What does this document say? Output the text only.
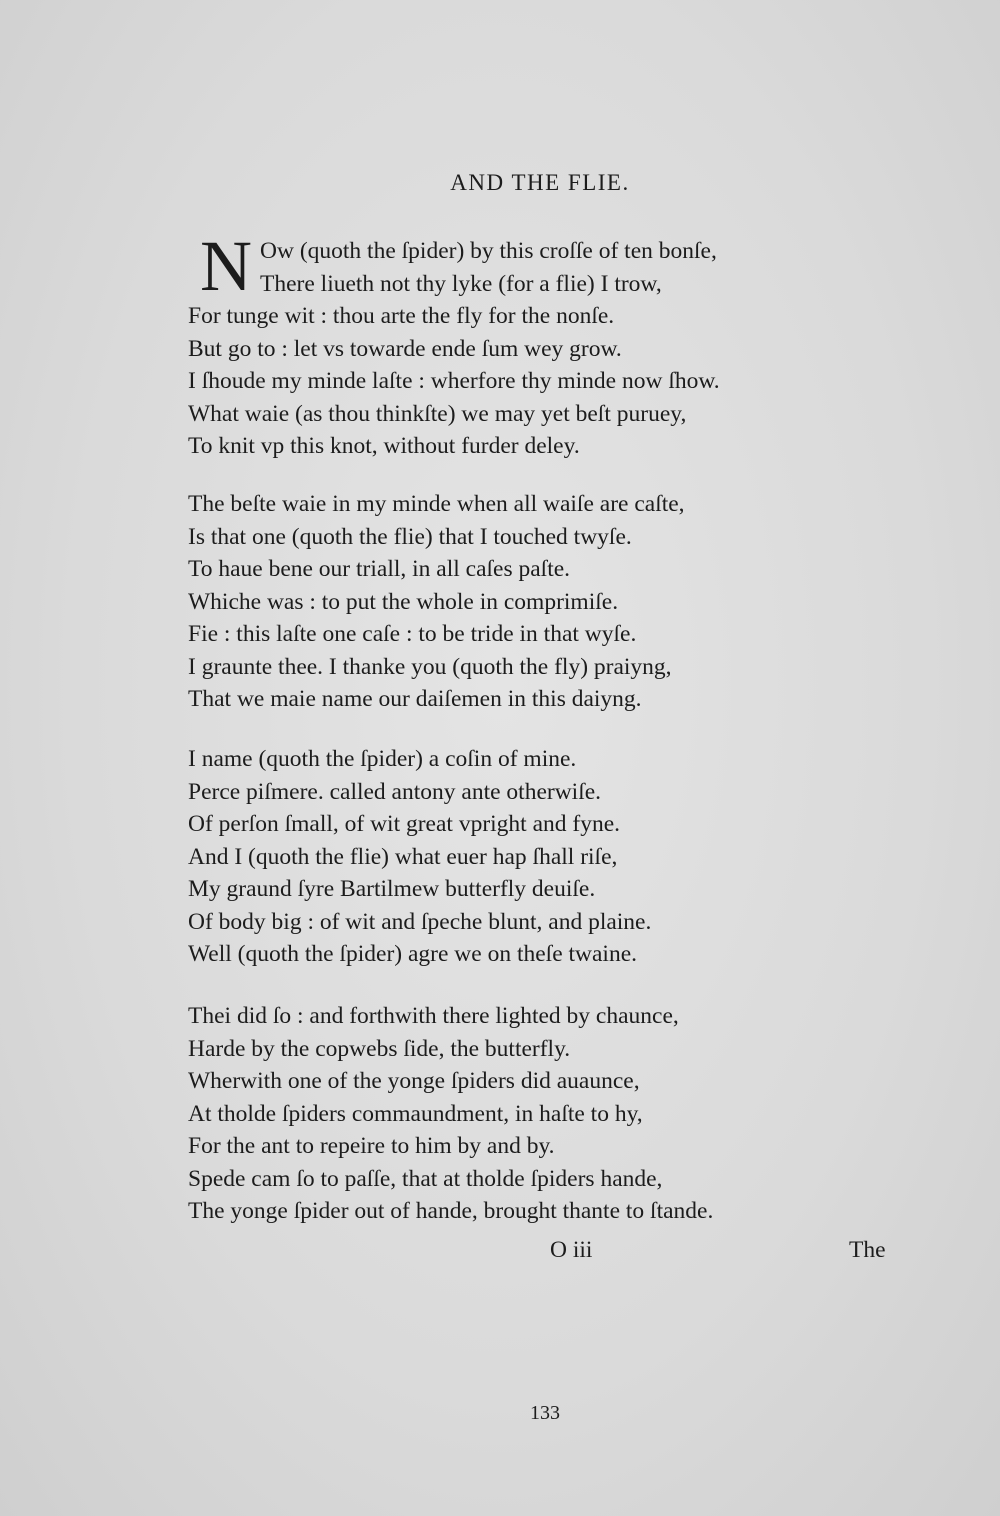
AND THE FLIE.
N Ow (quoth the ſpider) by this croſſe of ten bonſe,
There liueth not thy lyke (for a flie) I trow,
For tunge wit : thou arte the fly for the nonſe.
But go to : let vs towarde ende ſum wey grow.
I ſhoude my minde laſte : wherfore thy minde now ſhow.
What waie (as thou thinkſte) we may yet beſt puruey,
To knit vp this knot, without furder deley.
The beſte waie in my minde when all waiſe are caſte,
Is that one (quoth the flie) that I touched twyſe.
To haue bene our triall, in all caſes paſte.
Whiche was : to put the whole in comprimiſe.
Fie : this laſte one caſe : to be tride in that wyſe.
I graunte thee. I thanke you (quoth the fly) praiyng,
That we maie name our daiſemen in this daiyng.
I name (quoth the ſpider) a coſin of mine.
Perce piſmere. called antony ante otherwiſe.
Of perſon ſmall, of wit great vpright and fyne.
And I (quoth the flie) what euer hap ſhall riſe,
My graund ſyre Bartilmew butterfly deuiſe.
Of body big : of wit and ſpeche blunt, and plaine.
Well (quoth the ſpider) agre we on theſe twaine.
Thei did ſo : and forthwith there lighted by chaunce,
Harde by the copwebs ſide, the butterfly.
Wherwith one of the yonge ſpiders did auaunce,
At tholde ſpiders commaundment, in haſte to hy,
For the ant to repeire to him by and by.
Spede cam ſo to paſſe, that at tholde ſpiders hande,
The yonge ſpider out of hande, brought thante to ſtande.
O iii	The
133
